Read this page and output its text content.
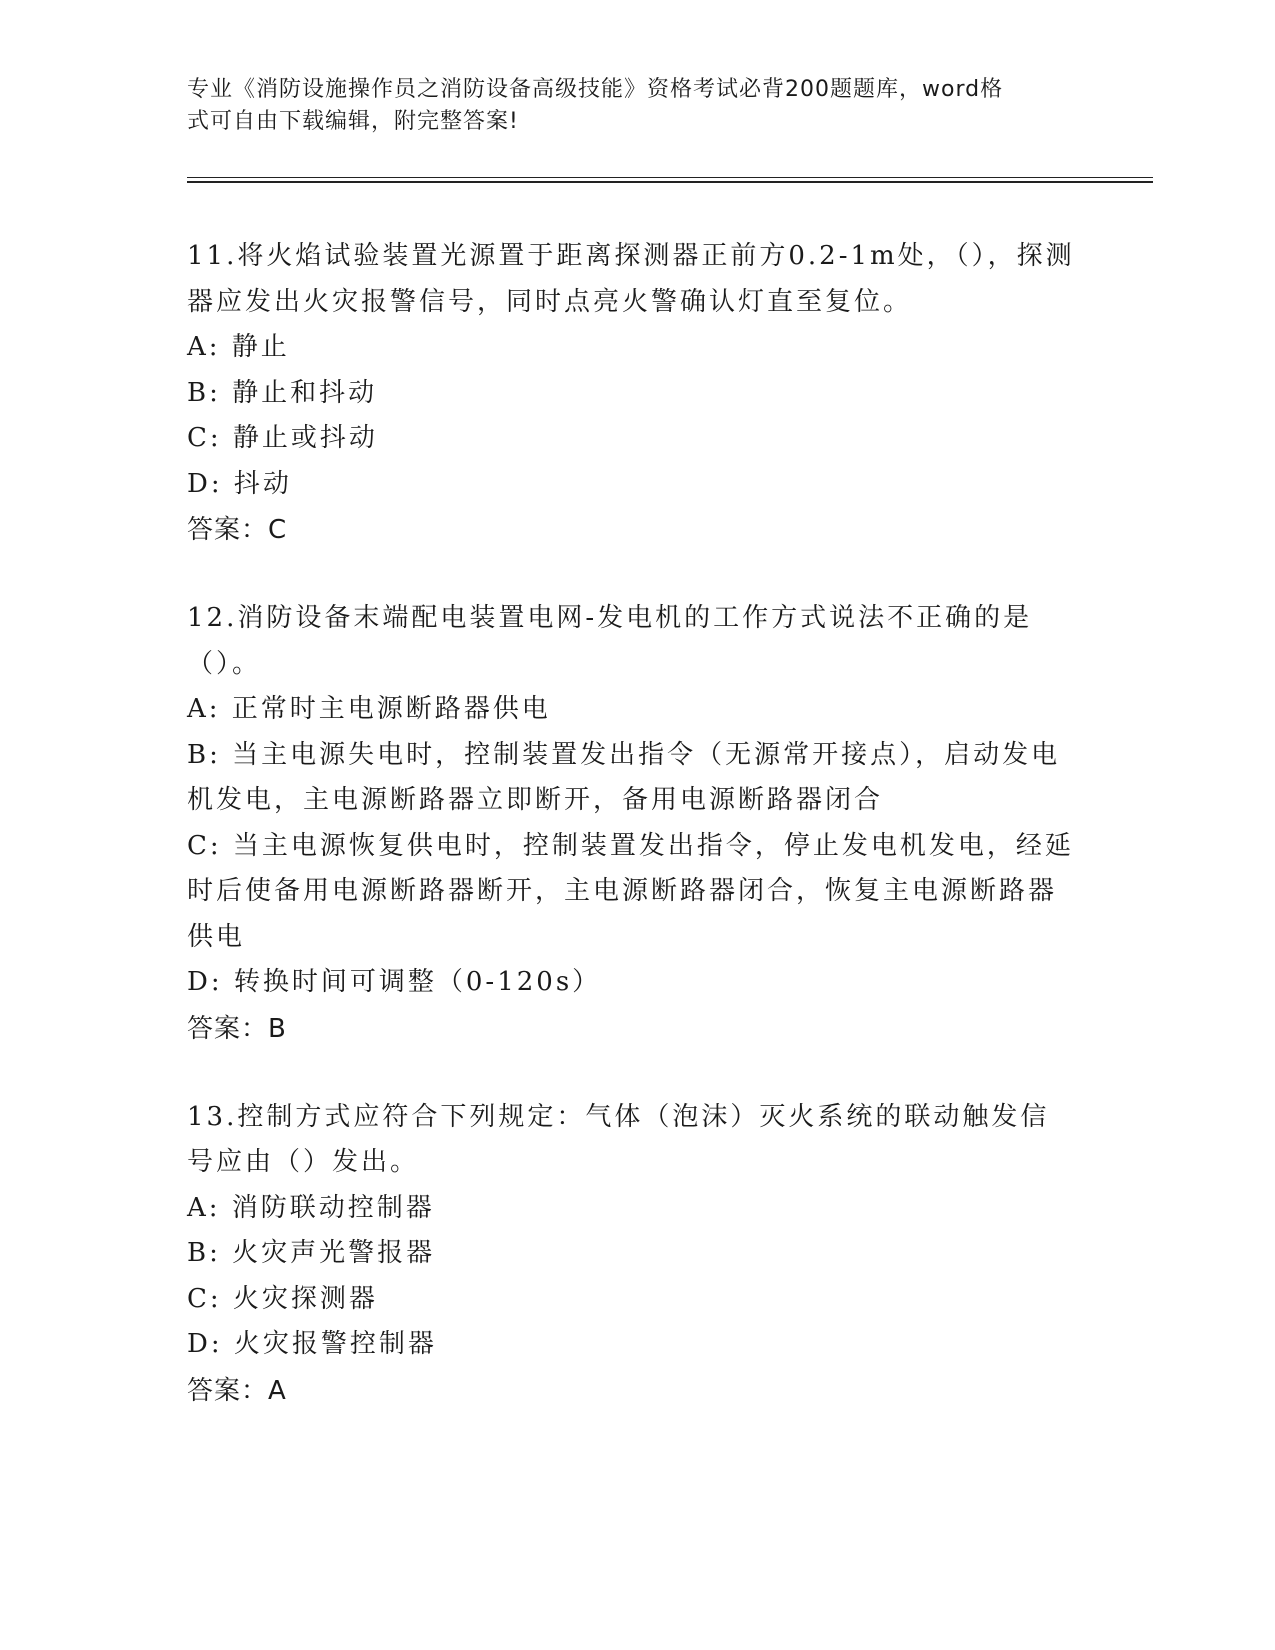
专业《消防设施操作员之消防设备高级技能》资格考试必背200题题库，word格
式可自由下载编辑，附完整答案!

11.将火焰试验装置光源置于距离探测器正前方0.2-1m处，（），探测器应发出火灾报警信号，同时点亮火警确认灯直至复位。

A: 静止

B: 静止和抖动

C: 静止或抖动

D: 抖动

答案：C

12.消防设备末端配电装置电网-发电机的工作方式说法不正确的是（）。

A: 正常时主电源断路器供电

B: 当主电源失电时，控制装置发出指令（无源常开接点），启动发电机发电，主电源断路器立即断开，备用电源断路器闭合

C: 当主电源恢复供电时，控制装置发出指令，停止发电机发电，经延时后使备用电源断路器断开，主电源断路器闭合，恢复主电源断路器供电

D: 转换时间可调整（0-120s）

答案：B

13.控制方式应符合下列规定：气体（泡沫）灭火系统的联动触发信号应由（）发出。

A: 消防联动控制器

B: 火灾声光警报器

C: 火灾探测器

D: 火灾报警控制器

答案：A
